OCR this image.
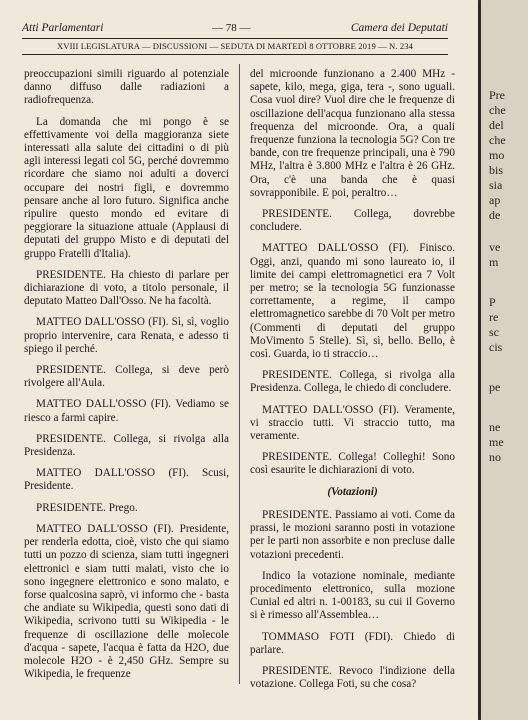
Atti Parlamentari	— 78 —	Camera dei Deputati
XVIII LEGISLATURA — DISCUSSIONI — SEDUTA DI MARTEDÌ 8 OTTOBRE 2019 — N. 234

preoccupazioni simili riguardo al potenziale danno diffuso dalle radiazioni a radiofrequenza.

La domanda che mi pongo è se effettivamente voi della maggioranza siete interessati alla salute dei cittadini o di più agli interessi legati col 5G, perché dovremmo ricordare che siamo noi adulti a doverci occupare dei nostri figli, e dovremmo pensare anche al loro futuro. Significa anche ripulire questo mondo ed evitare di peggiorare la situazione attuale (Applausi di deputati del gruppo Misto e di deputati del gruppo Fratelli d'Italia).

PRESIDENTE. Ha chiesto di parlare per dichiarazione di voto, a titolo personale, il deputato Matteo Dall'Osso. Ne ha facoltà.

MATTEO DALL'OSSO (FI). Sì, sì, voglio proprio intervenire, cara Renata, e adesso ti spiego il perché.

PRESIDENTE. Collega, si deve però rivolgere all'Aula.

MATTEO DALL'OSSO (FI). Vediamo se riesco a farmi capire.

PRESIDENTE. Collega, si rivolga alla Presidenza.

MATTEO DALL'OSSO (FI). Scusi, Presidente.

PRESIDENTE. Prego.

MATTEO DALL'OSSO (FI). Presidente, per renderla edotta, cioè, visto che qui siamo tutti un pozzo di scienza, siam tutti ingegneri elettronici e siam tutti malati, visto che io sono ingegnere elettronico e sono malato, e forse qualcosina saprò, vi informo che - basta che andiate su Wikipedia, questi sono dati di Wikipedia, scrivono tutti su Wikipedia - le frequenze di oscillazione delle molecole d'acqua - sapete, l'acqua è fatta da H2O, due molecole H2O - è 2,450 GHz. Sempre su Wikipedia, le frequenze

del microonde funzionano a 2.400 MHz - sapete, kilo, mega, giga, tera -, sono uguali. Cosa vuol dire? Vuol dire che le frequenze di oscillazione dell'acqua funzionano alla stessa frequenza del microonde. Ora, a quali frequenze funziona la tecnologia 5G? Con tre bande, con tre frequenze principali, una è 790 MHz, l'altra è 3.800 MHz e l'altra è 26 GHz. Ora, c'è una banda che è quasi sovrapponibile. E poi, peraltro…

PRESIDENTE. Collega, dovrebbe concludere.

MATTEO DALL'OSSO (FI). Finisco. Oggi, anzi, quando mi sono laureato io, il limite dei campi elettromagnetici era 7 Volt per metro; se la tecnologia 5G funzionasse correttamente, a regime, il campo elettromagnetico sarebbe di 70 Volt per metro (Commenti di deputati del gruppo MoVimento 5 Stelle). Sì, sì, bello. Bello, è così. Guarda, io ti straccio…

PRESIDENTE. Collega, si rivolga alla Presidenza. Collega, le chiedo di concludere.

MATTEO DALL'OSSO (FI). Veramente, vi straccio tutti. Vi straccio tutto, ma veramente.

PRESIDENTE. Collega! Colleghi! Sono così esaurite le dichiarazioni di voto.

(Votazioni)

PRESIDENTE. Passiamo ai voti. Come da prassi, le mozioni saranno posti in votazione per le parti non assorbite e non precluse dalle votazioni precedenti.

Indico la votazione nominale, mediante procedimento elettronico, sulla mozione Cunial ed altri n. 1-00183, su cui il Governo si è rimesso all'Assemblea…

TOMMASO FOTI (FDI). Chiedo di parlare.

PRESIDENTE. Revoco l'indizione della votazione. Collega Foti, su che cosa?

Pre
che
del
che
mo
bis
sia
ap
de
ve
m
P
re
sc
cis
pe
ne
me
no
